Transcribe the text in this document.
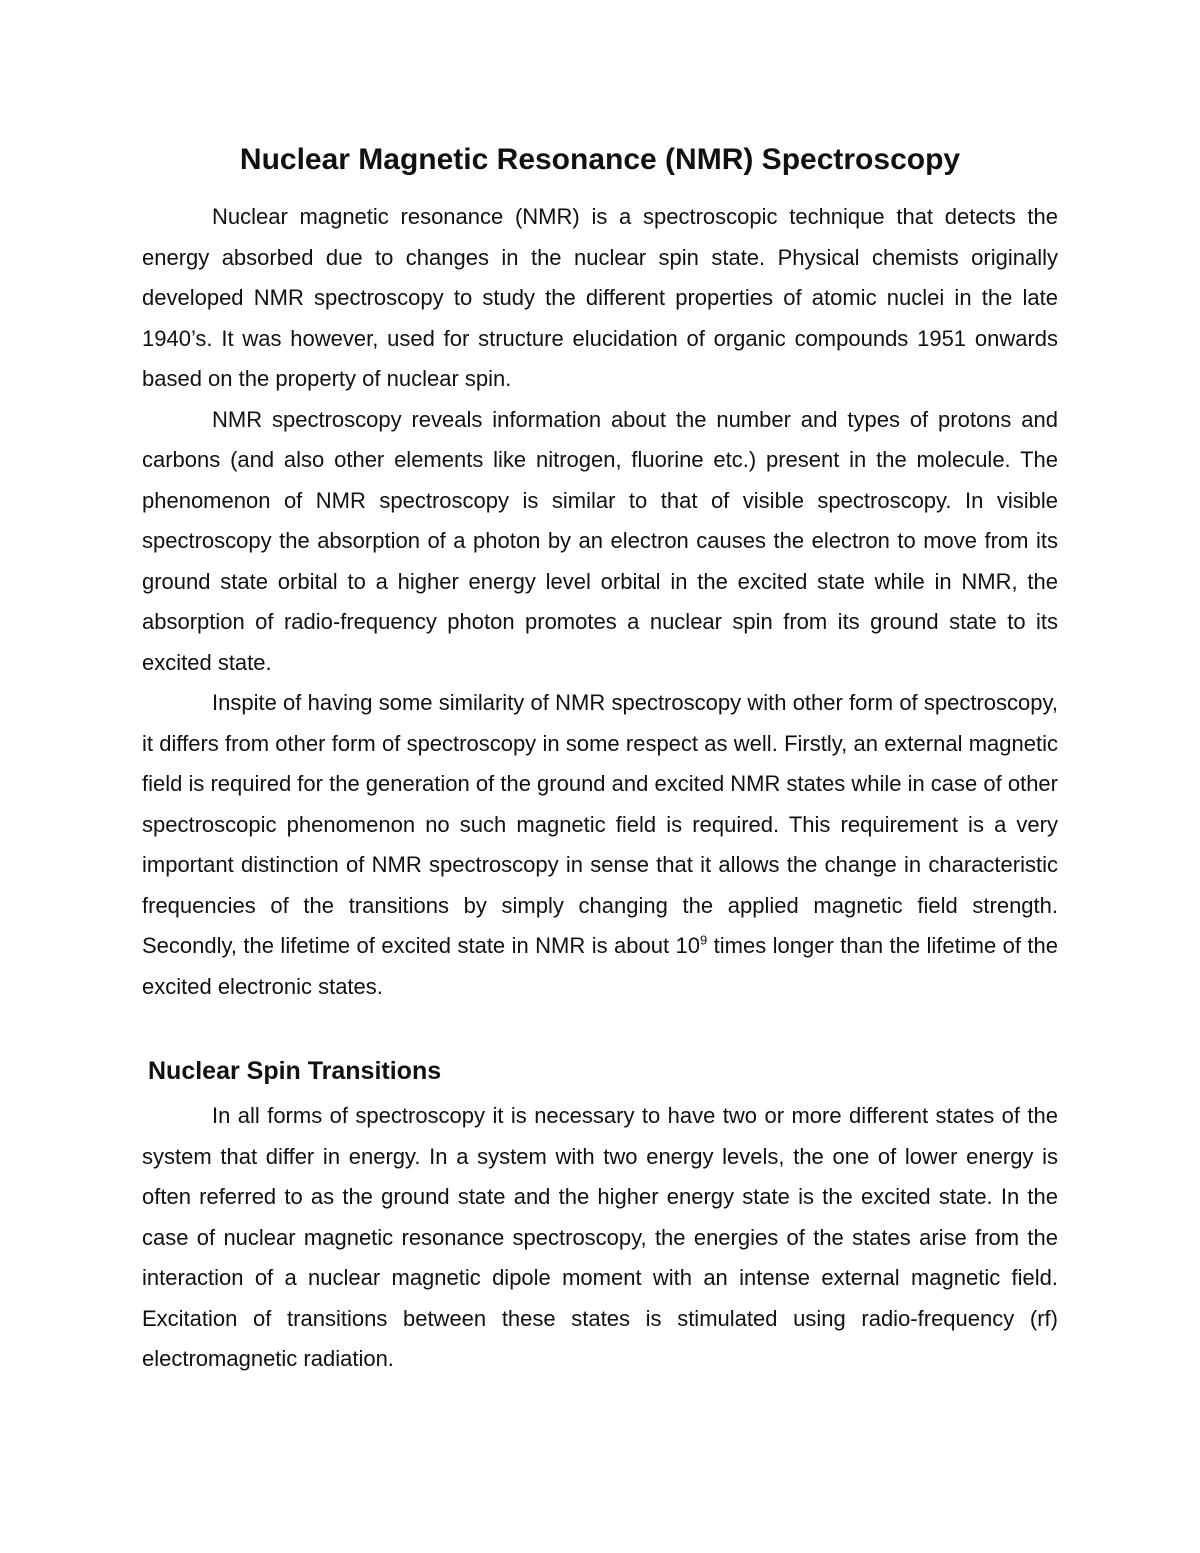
Nuclear Magnetic Resonance (NMR) Spectroscopy

Nuclear magnetic resonance (NMR) is a spectroscopic technique that detects the energy absorbed due to changes in the nuclear spin state. Physical chemists originally developed NMR spectroscopy to study the different properties of atomic nuclei in the late 1940’s. It was however, used for structure elucidation of organic compounds 1951 onwards based on the property of nuclear spin.

NMR spectroscopy reveals information about the number and types of protons and carbons (and also other elements like nitrogen, fluorine etc.) present in the molecule. The phenomenon of NMR spectroscopy is similar to that of visible spectroscopy. In visible spectroscopy the absorption of a photon by an electron causes the electron to move from its ground state orbital to a higher energy level orbital in the excited state while in NMR, the absorption of radio-frequency photon promotes a nuclear spin from its ground state to its excited state.

Inspite of having some similarity of NMR spectroscopy with other form of spectroscopy, it differs from other form of spectroscopy in some respect as well. Firstly, an external magnetic field is required for the generation of the ground and excited NMR states while in case of other spectroscopic phenomenon no such magnetic field is required. This requirement is a very important distinction of NMR spectroscopy in sense that it allows the change in characteristic frequencies of the transitions by simply changing the applied magnetic field strength. Secondly, the lifetime of excited state in NMR is about $10^9$ times longer than the lifetime of the excited electronic states.

Nuclear Spin Transitions

In all forms of spectroscopy it is necessary to have two or more different states of the system that differ in energy. In a system with two energy levels, the one of lower energy is often referred to as the ground state and the higher energy state is the excited state. In the case of nuclear magnetic resonance spectroscopy, the energies of the states arise from the interaction of a nuclear magnetic dipole moment with an intense external magnetic field. Excitation of transitions between these states is stimulated using radio-frequency (rf) electromagnetic radiation.
